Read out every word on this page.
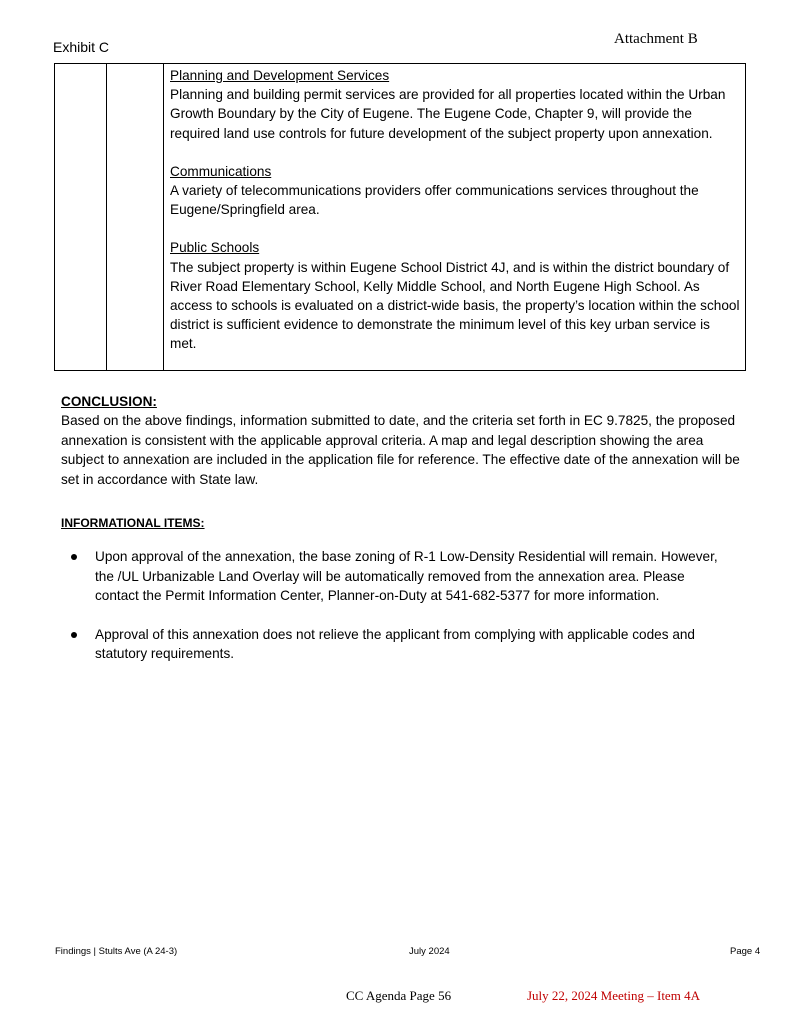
Exhibit C	Attachment B

Planning and Development Services

Planning and building permit services are provided for all properties located within the Urban Growth Boundary by the City of Eugene. The Eugene Code, Chapter 9, will provide the required land use controls for future development of the subject property upon annexation.

Communications

A variety of telecommunications providers offer communications services throughout the Eugene/Springfield area.

Public Schools

The subject property is within Eugene School District 4J, and is within the district boundary of River Road Elementary School, Kelly Middle School, and North Eugene High School. As access to schools is evaluated on a district-wide basis, the property’s location within the school district is sufficient evidence to demonstrate the minimum level of this key urban service is met.

CONCLUSION:
Based on the above findings, information submitted to date, and the criteria set forth in EC 9.7825, the proposed annexation is consistent with the applicable approval criteria. A map and legal description showing the area subject to annexation are included in the application file for reference. The effective date of the annexation will be set in accordance with State law.
INFORMATIONAL ITEMS:
Upon approval of the annexation, the base zoning of R-1 Low-Density Residential will remain. However, the /UL Urbanizable Land Overlay will be automatically removed from the annexation area. Please contact the Permit Information Center, Planner-on-Duty at 541-682-5377 for more information.
Approval of this annexation does not relieve the applicant from complying with applicable codes and statutory requirements.
Findings | Stults Ave (A 24-3)	July 2024	Page 4
CC Agenda Page 56	July 22, 2024 Meeting – Item 4A
